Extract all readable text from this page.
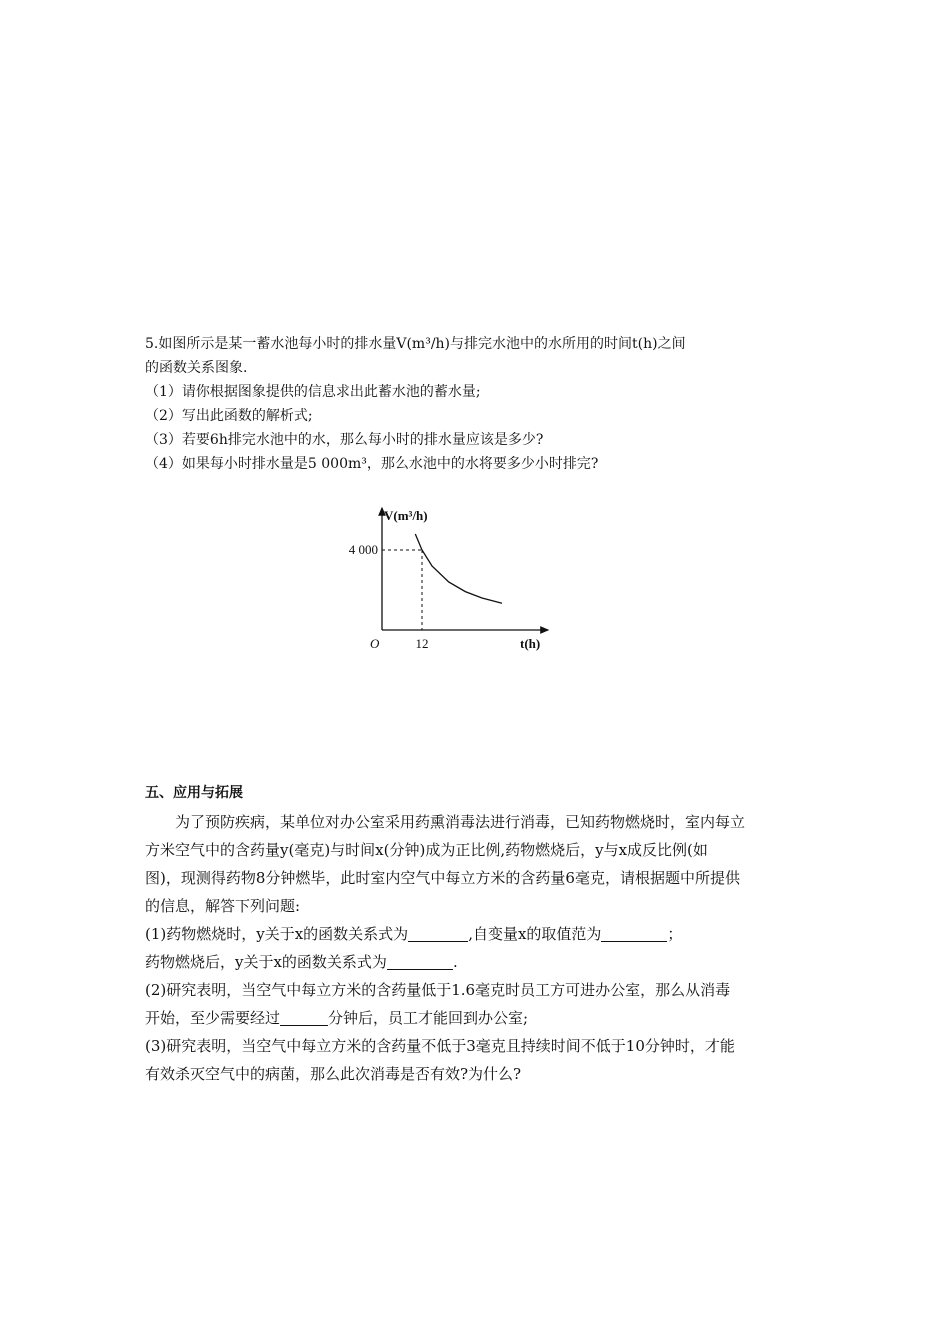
5.如图所示是某一蓄水池每小时的排水量V(m³/h)与排完水池中的水所用的时间t(h)之间
的函数关系图象.
（1）请你根据图象提供的信息求出此蓄水池的蓄水量;
（2）写出此函数的解析式;
（3）若要6h排完水池中的水，那么每小时的排水量应该是多少?
（4）如果每小时排水量是5 000m³，那么水池中的水将要多少小时排完?
V(m³/h)
t(h)
O
4 000
12
五、应用与拓展
为了预防疾病，某单位对办公室采用药熏消毒法进行消毒，已知药物燃烧时，室内每立
方米空气中的含药量y(毫克)与时间x(分钟)成为正比例,药物燃烧后，y与x成反比例(如
图)，现测得药物8分钟燃毕，此时室内空气中每立方米的含药量6毫克，请根据题中所提供
的信息，解答下列问题:
(1)药物燃烧时，y关于x的函数关系式为	,自变量x的取值范为	；
药物燃烧后，y关于x的函数关系式为	.
(2)研究表明，当空气中每立方米的含药量低于1.6毫克时员工方可进办公室，那么从消毒
开始，至少需要经过	分钟后，员工才能回到办公室;
(3)研究表明，当空气中每立方米的含药量不低于3毫克且持续时间不低于10分钟时，才能
有效杀灭空气中的病菌，那么此次消毒是否有效?为什么?
